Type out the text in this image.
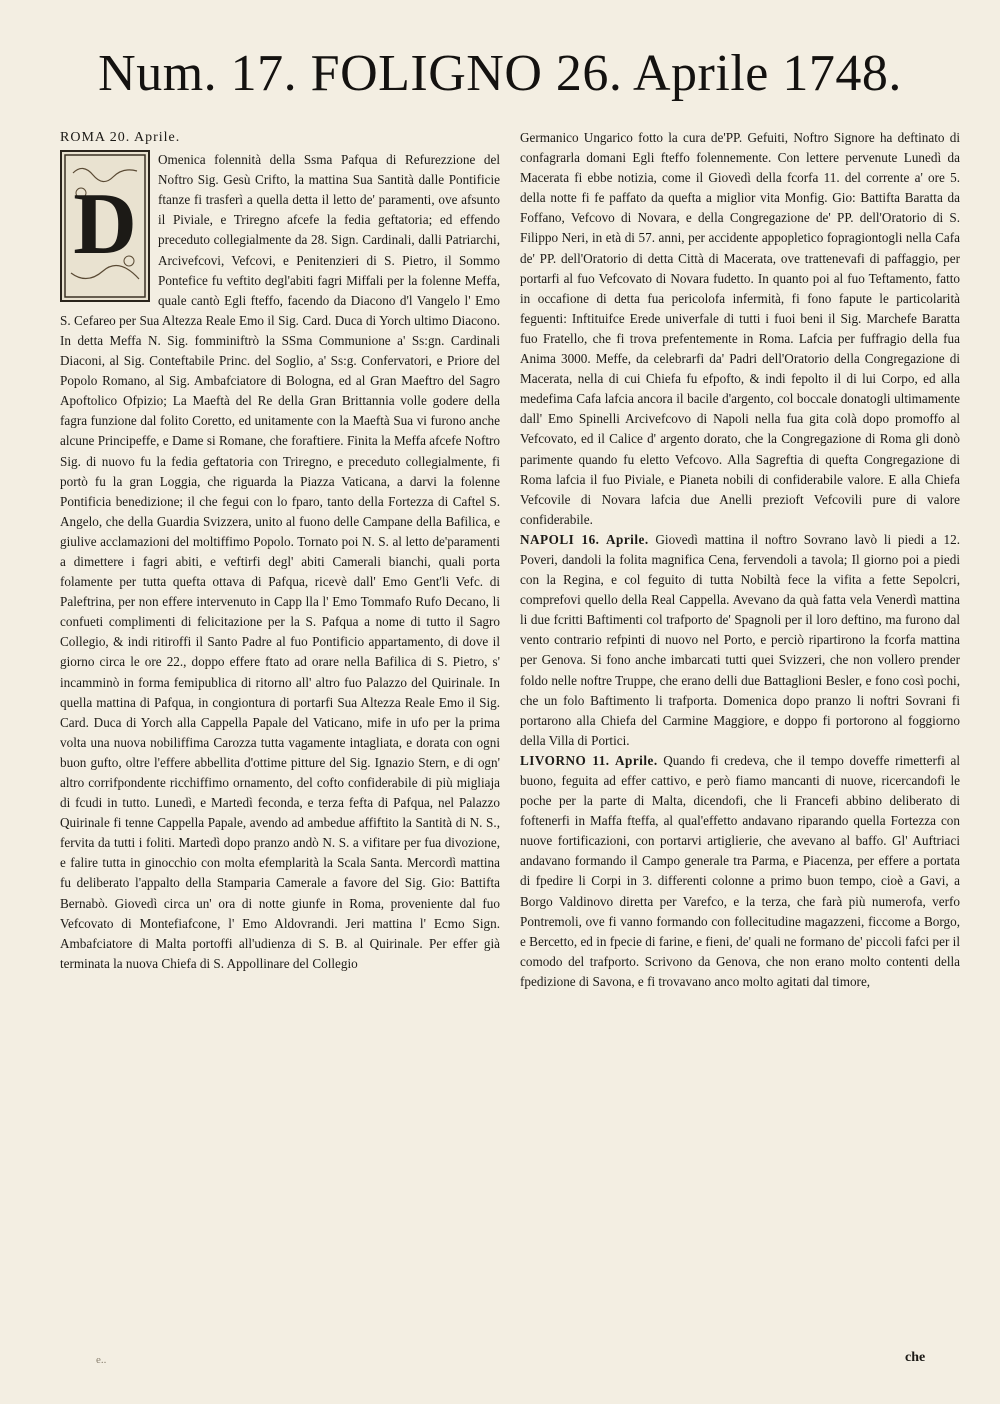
Num. 17. FOLIGNO 26. Aprile 1748.
ROMA 20. Aprile.
D

Omenica folennità della Ssma Pafqua di Refurezzione del Noftro Sig. Gesù Crifto, la mattina Sua Santità dalle Pontificie ftanze fi trasferì a quella detta il letto de' paramenti, ove afsunto il Piviale, e Triregno afcefe la fedia geftatoria; ed effendo preceduto collegialmente da 28. Sign. Cardinali, dalli Patriarchi, Arcivefcovi, Vefcovi, e Penitenzieri di S. Pietro, il Sommo Pontefice fu veftito degl'abiti fagri Miffali per la folenne Meffa, quale cantò Egli fteffo, facendo da Diacono d'l Vangelo l' Emo S. Cefareo per Sua Altezza Reale Emo il Sig. Card. Duca di Yorch ultimo Diacono. In detta Meffa N. Sig. fomminiftrò la SSma Communione a' Ss:gn. Cardinali Diaconi, al Sig. Conteftabile Princ. del Soglio, a' Ss:g. Confervatori, e Priore del Popolo Romano, al Sig. Ambafciatore di Bologna, ed al Gran Maeftro del Sagro Apoftolico Ofpizio; La Maeftà del Re della Gran Brittannia volle godere della fagra funzione dal folito Coretto, ed unitamente con la Maeftà Sua vi furono anche alcune Principeffe, e Dame si Romane, che foraftiere. Finita la Meffa afcefe Noftro Sig. di nuovo fu la fedia geftatoria con Triregno, e preceduto collegialmente, fi portò fu la gran Loggia, che riguarda la Piazza Vaticana, a darvi la folenne Pontificia benedizione; il che fegui con lo fparo, tanto della Fortezza di Caftel S. Angelo, che della Guardia Svizzera, unito al fuono delle Campane della Bafilica, e giulive acclamazioni del moltiffimo Popolo. Tornato poi N. S. al letto de'paramenti a dimettere i fagri abiti, e veftirfi degl' abiti Camerali bianchi, quali porta folamente per tutta quefta ottava di Pafqua, ricevè dall' Emo Gent'li Vefc. di Paleftrina, per non effere intervenuto in Capp lla l' Emo Tommafo Rufo Decano, li confueti complimenti di felicitazione per la S. Pafqua a nome di tutto il Sagro Collegio, & indi ritiroffi il Santo Padre al fuo Pontificio appartamento, di dove il giorno circa le ore 22., doppo effere ftato ad orare nella Bafilica di S. Pietro, s' incamminò in forma femipublica di ritorno all' altro fuo Palazzo del Quirinale. In quella mattina di Pafqua, in congiontura di portarfi Sua Altezza Reale Emo il Sig. Card. Duca di Yorch alla Cappella Papale del Vaticano, mife in ufo per la prima volta una nuova nobiliffima Carozza tutta vagamente intagliata, e dorata con ogni buon gufto, oltre l'effere abbellita d'ottime pitture del Sig. Ignazio Stern, e di ogn' altro corrifpondente ricchiffimo ornamento, del cofto confiderabile di più migliaja di fcudi in tutto. Lunedì, e Martedì feconda, e terza fefta di Pafqua, nel Palazzo Quirinale fi tenne Cappella Papale, avendo ad ambedue affiftito la Santità di N. S., fervita da tutti i foliti. Martedì dopo pranzo andò N. S. a vifitare per fua divozione, e falire tutta in ginocchio con molta efemplarità la Scala Santa. Mercordì mattina fu deliberato l'appalto della Stamparia Camerale a favore del Sig. Gio: Battifta Bernabò. Giovedì circa un' ora di notte giunfe in Roma, proveniente dal fuo Vefcovato di Montefiafcone, l' Emo Aldovrandi. Jeri mattina l' Ecmo Sign. Ambafciatore di Malta portoffi all'udienza di S. B. al Quirinale. Per effer già terminata la nuova Chiefa di S. Appollinare del Collegio

Germanico Ungarico fotto la cura de'PP. Gefuiti, Noftro Signore ha deftinato di confagrarla domani Egli fteffo folennemente. Con lettere pervenute Lunedì da Macerata fi ebbe notizia, come il Giovedì della fcorfa 11. del corrente a' ore 5. della notte fi fe paffato da quefta a miglior vita Monfig. Gio: Battifta Baratta da Foffano, Vefcovo di Novara, e della Congregazione de' PP. dell'Oratorio di S. Filippo Neri, in età di 57. anni, per accidente appopletico fopragiontogli nella Cafa de' PP. dell'Oratorio di detta Città di Macerata, ove trattenevafi di paffaggio, per portarfi al fuo Vefcovato di Novara fudetto. In quanto poi al fuo Teftamento, fatto in occafione di detta fua pericolofa infermità, fi fono fapute le particolarità feguenti: Inftituifce Erede univerfale di tutti i fuoi beni il Sig. Marchefe Baratta fuo Fratello, che fi trova prefentemente in Roma. Lafcia per fuffragio della fua Anima 3000. Meffe, da celebrarfi da' Padri dell'Oratorio della Congregazione di Macerata, nella di cui Chiefa fu efpofto, & indi fepolto il di lui Corpo, ed alla medefima Cafa lafcia ancora il bacile d'argento, col boccale donatogli ultimamente dall' Emo Spinelli Arcivefcovo di Napoli nella fua gita colà dopo promoffo al Vefcovato, ed il Calice d' argento dorato, che la Congregazione di Roma gli donò parimente quando fu eletto Vefcovo. Alla Sagreftia di quefta Congregazione di Roma lafcia il fuo Piviale, e Pianeta nobili di confiderabile valore. E alla Chiefa Vefcovile di Novara lafcia due Anelli prezioft Vefcovili pure di valore confiderabile.

NAPOLI 16. Aprile. Giovedì mattina il noftro Sovrano lavò li piedi a 12. Poveri, dandoli la folita magnifica Cena, fervendoli a tavola; Il giorno poi a piedi con la Regina, e col feguito di tutta Nobiltà fece la vifita a fette Sepolcri, comprefovi quello della Real Cappella. Avevano da quà fatta vela Venerdì mattina li due fcritti Baftimenti col trafporto de' Spagnoli per il loro deftino, ma furono dal vento contrario refpinti di nuovo nel Porto, e perciò ripartirono la fcorfa mattina per Genova. Si fono anche imbarcati tutti quei Svizzeri, che non vollero prender foldo nelle noftre Truppe, che erano delli due Battaglioni Besler, e fono così pochi, che un folo Baftimento li trafporta. Domenica dopo pranzo li noftri Sovrani fi portarono alla Chiefa del Carmine Maggiore, e doppo fi portorono al foggiorno della Villa di Portici.

LIVORNO 11. Aprile. Quando fi credeva, che il tempo doveffe rimetterfi al buono, feguita ad effer cattivo, e però fiamo mancanti di nuove, ricercandofi le poche per la parte di Malta, dicendofi, che li Francefi abbino deliberato di foftenerfi in Maffa fteffa, al qual'effetto andavano riparando quella Fortezza con nuove fortificazioni, con portarvi artiglierie, che avevano al baffo. Gl' Auftriaci andavano formando il Campo generale tra Parma, e Piacenza, per effere a portata di fpedire li Corpi in 3. differenti colonne a primo buon tempo, cioè a Gavi, a Borgo Valdinovo diretta per Varefco, e la terza, che farà più numerofa, verfo Pontremoli, ove fi vanno formando con follecitudine magazzeni, ficcome a Borgo, e Bercetto, ed in fpecie di farine, e fieni, de' quali ne formano de' piccoli fafci per il comodo del trafporto. Scrivono da Genova, che non erano molto contenti della fpedizione di Savona, e fi trovavano anco molto agitati dal timore,

e..	che
